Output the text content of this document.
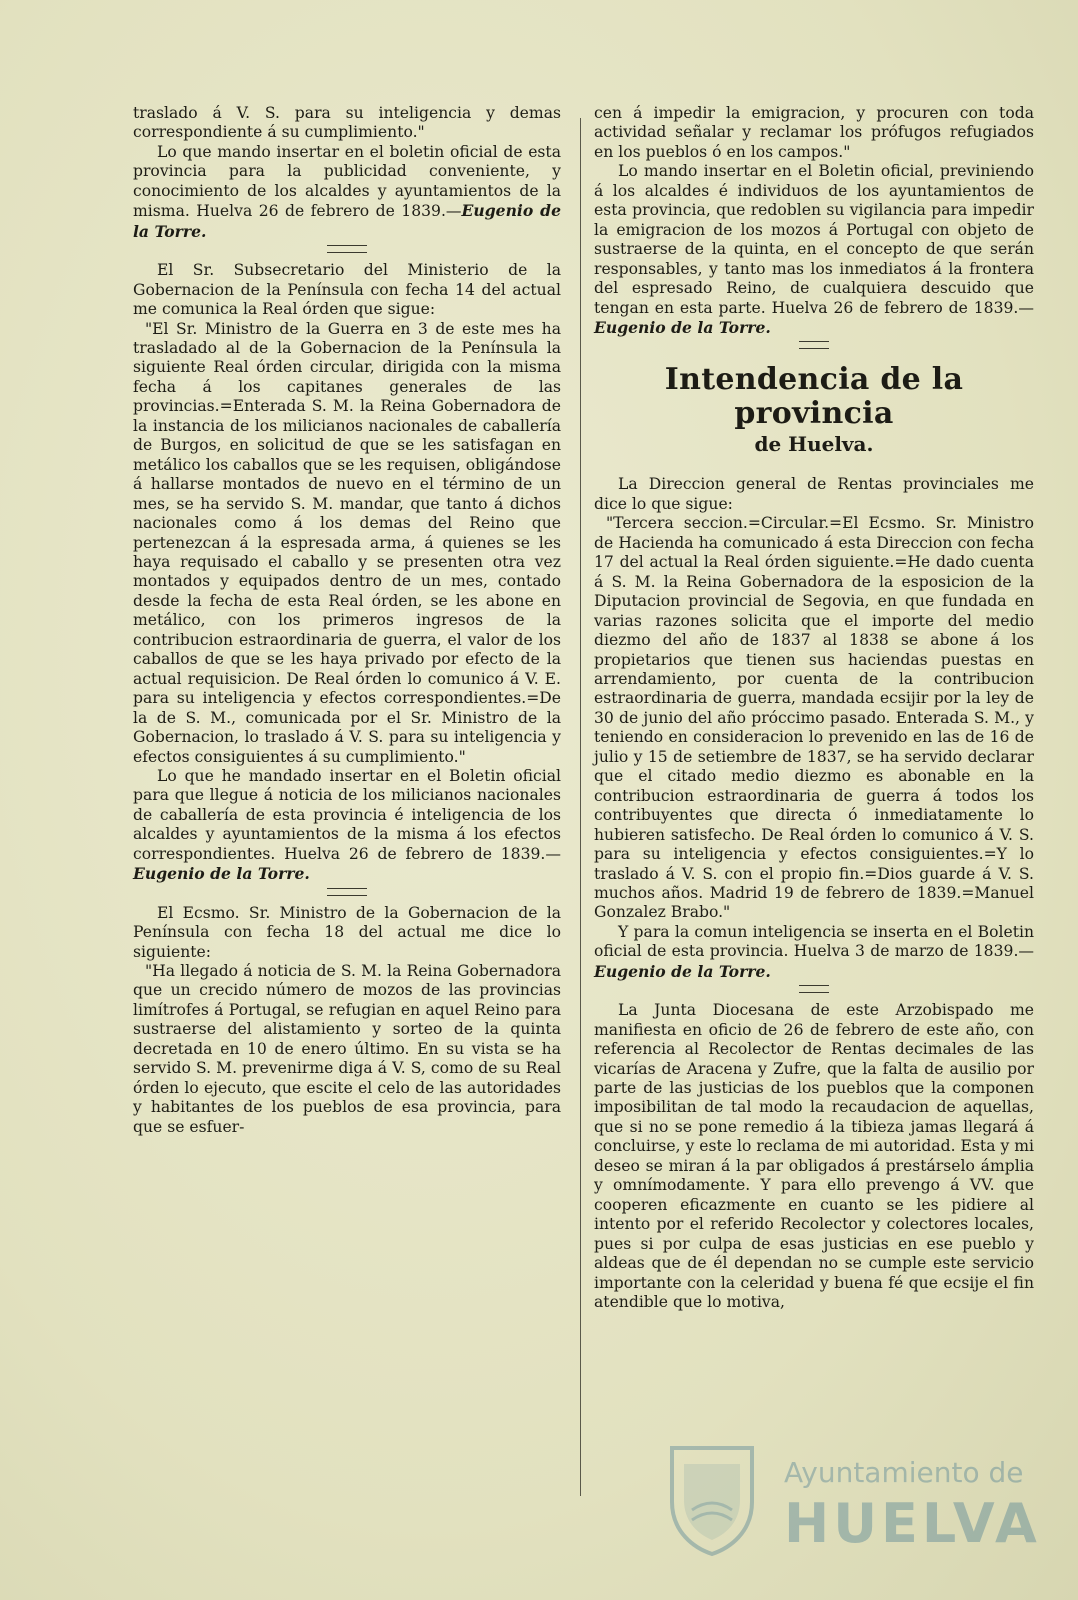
traslado á V. S. para su inteligencia y demas correspondiente á su cumplimiento."

Lo que mando insertar en el boletin oficial de esta provincia para la publicidad conveniente, y conocimiento de los alcaldes y ayuntamientos de la misma. Huelva 26 de febrero de 1839.—Eugenio de la Torre.

El Sr. Subsecretario del Ministerio de la Gobernacion de la Península con fecha 14 del actual me comunica la Real órden que sigue:

"El Sr. Ministro de la Guerra en 3 de este mes ha trasladado al de la Gobernacion de la Península la siguiente Real órden circular, dirigida con la misma fecha á los capitanes generales de las provincias.=Enterada S. M. la Reina Gobernadora de la instancia de los milicianos nacionales de caballería de Burgos, en solicitud de que se les satisfagan en metálico los caballos que se les requisen, obligándose á hallarse montados de nuevo en el término de un mes, se ha servido S. M. mandar, que tanto á dichos nacionales como á los demas del Reino que pertenezcan á la espresada arma, á quienes se les haya requisado el caballo y se presenten otra vez montados y equipados dentro de un mes, contado desde la fecha de esta Real órden, se les abone en metálico, con los primeros ingresos de la contribucion estraordinaria de guerra, el valor de los caballos de que se les haya privado por efecto de la actual requisicion. De Real órden lo comunico á V. E. para su inteligencia y efectos correspondientes.=De la de S. M., comunicada por el Sr. Ministro de la Gobernacion, lo traslado á V. S. para su inteligencia y efectos consiguientes á su cumplimiento."

Lo que he mandado insertar en el Boletin oficial para que llegue á noticia de los milicianos nacionales de caballería de esta provincia é inteligencia de los alcaldes y ayuntamientos de la misma á los efectos correspondientes. Huelva 26 de febrero de 1839.—Eugenio de la Torre.

El Ecsmo. Sr. Ministro de la Gobernacion de la Península con fecha 18 del actual me dice lo siguiente:

"Ha llegado á noticia de S. M. la Reina Gobernadora que un crecido número de mozos de las provincias limítrofes á Portugal, se refugian en aquel Reino para sustraerse del alistamiento y sorteo de la quinta decretada en 10 de enero último. En su vista se ha servido S. M. prevenirme diga á V. S, como de su Real órden lo ejecuto, que escite el celo de las autoridades y habitantes de los pueblos de esa provincia, para que se esfuer-

cen á impedir la emigracion, y procuren con toda actividad señalar y reclamar los prófugos refugiados en los pueblos ó en los campos."

Lo mando insertar en el Boletin oficial, previniendo á los alcaldes é individuos de los ayuntamientos de esta provincia, que redoblen su vigilancia para impedir la emigracion de los mozos á Portugal con objeto de sustraerse de la quinta, en el concepto de que serán responsables, y tanto mas los inmediatos á la frontera del espresado Reino, de cualquiera descuido que tengan en esta parte. Huelva 26 de febrero de 1839.—Eugenio de la Torre.

Intendencia de la provincia
de Huelva.

La Direccion general de Rentas provinciales me dice lo que sigue:

"Tercera seccion.=Circular.=El Ecsmo. Sr. Ministro de Hacienda ha comunicado á esta Direccion con fecha 17 del actual la Real órden siguiente.=He dado cuenta á S. M. la Reina Gobernadora de la esposicion de la Diputacion provincial de Segovia, en que fundada en varias razones solicita que el importe del medio diezmo del año de 1837 al 1838 se abone á los propietarios que tienen sus haciendas puestas en arrendamiento, por cuenta de la contribucion estraordinaria de guerra, mandada ecsijir por la ley de 30 de junio del año próccimo pasado. Enterada S. M., y teniendo en consideracion lo prevenido en las de 16 de julio y 15 de setiembre de 1837, se ha servido declarar que el citado medio diezmo es abonable en la contribucion estraordinaria de guerra á todos los contribuyentes que directa ó inmediatamente lo hubieren satisfecho. De Real órden lo comunico á V. S. para su inteligencia y efectos consiguientes.=Y lo traslado á V. S. con el propio fin.=Dios guarde á V. S. muchos años. Madrid 19 de febrero de 1839.=Manuel Gonzalez Brabo."

Y para la comun inteligencia se inserta en el Boletin oficial de esta provincia. Huelva 3 de marzo de 1839.—Eugenio de la Torre.

La Junta Diocesana de este Arzobispado me manifiesta en oficio de 26 de febrero de este año, con referencia al Recolector de Rentas decimales de las vicarías de Aracena y Zufre, que la falta de ausilio por parte de las justicias de los pueblos que la componen imposibilitan de tal modo la recaudacion de aquellas, que si no se pone remedio á la tibieza jamas llegará á concluirse, y este lo reclama de mi autoridad. Esta y mi deseo se miran á la par obligados á prestárselo ámplia y omnímodamente. Y para ello prevengo á VV. que cooperen eficazmente en cuanto se les pidiere al intento por el referido Recolector y colectores locales, pues si por culpa de esas justicias en ese pueblo y aldeas que de él dependan no se cumple este servicio importante con la celeridad y buena fé que ecsije el fin atendible que lo motiva,

Ayuntamiento de
HUELVA
